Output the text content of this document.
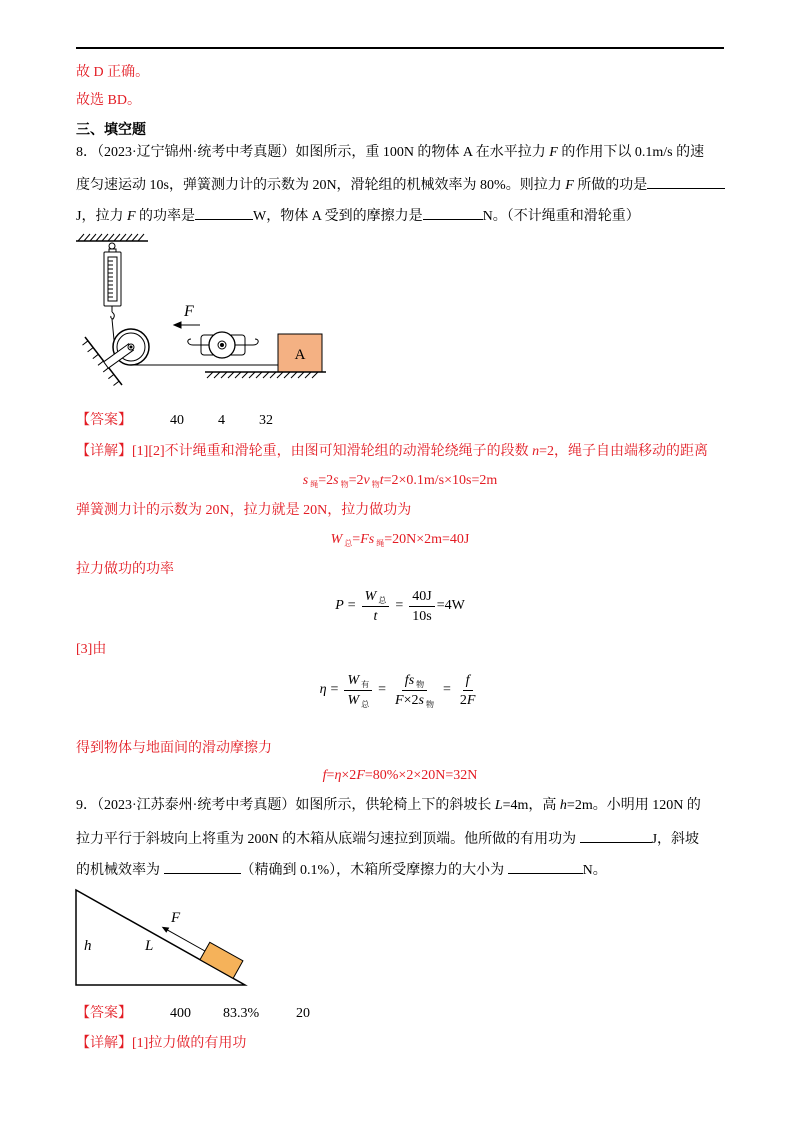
故 D 正确。
故选 BD。
三、填空题
8．（2023·辽宁锦州·统考中考真题）如图所示，重 100N 的物体 A 在水平拉力 F 的作用下以 0.1m/s 的速
度匀速运动 10s，弹簧测力计的示数为 20N，滑轮组的机械效率为 80%。则拉力 F 所做的功是
J，拉力 F 的功率是	W，物体 A 受到的摩擦力是	N。（不计绳重和滑轮重）
F
A
【答案】	40 4 32
【详解】[1][2]不计绳重和滑轮重，由图可知滑轮组的动滑轮绕绳子的段数 n=2，绳子自由端移动的距离
s $_绳$=2s $_物$=2v $_物$t=2×0.1m/s×10s=2m
弹簧测力计的示数为 20N，拉力就是 20N，拉力做功为
W $_总$=Fs $_绳$=20N×2m=40J
拉力做功的功率
$P = \frac{W _总}{t} = \frac{40J}{10s} =4W$
[3]由
$\eta = \frac{W _有}{W _总} = \frac{fs _物}{F\times 2s _物} = \frac{f}{2F}$
得到物体与地面间的滑动摩擦力
f=η×2F=80%×2×20N=32N
9．（2023·江苏泰州·统考中考真题）如图所示，供轮椅上下的斜坡长 L=4m，高 h=2m。小明用 120N 的
拉力平行于斜坡向上将重为 200N 的木箱从底端匀速拉到顶端。他所做的有用功为	J，斜坡
的机械效率为	（精确到 0.1%），木箱所受摩擦力的大小为	N。
F
L
h
【答案】	400 83.3%	20
【详解】[1]拉力做的有用功
